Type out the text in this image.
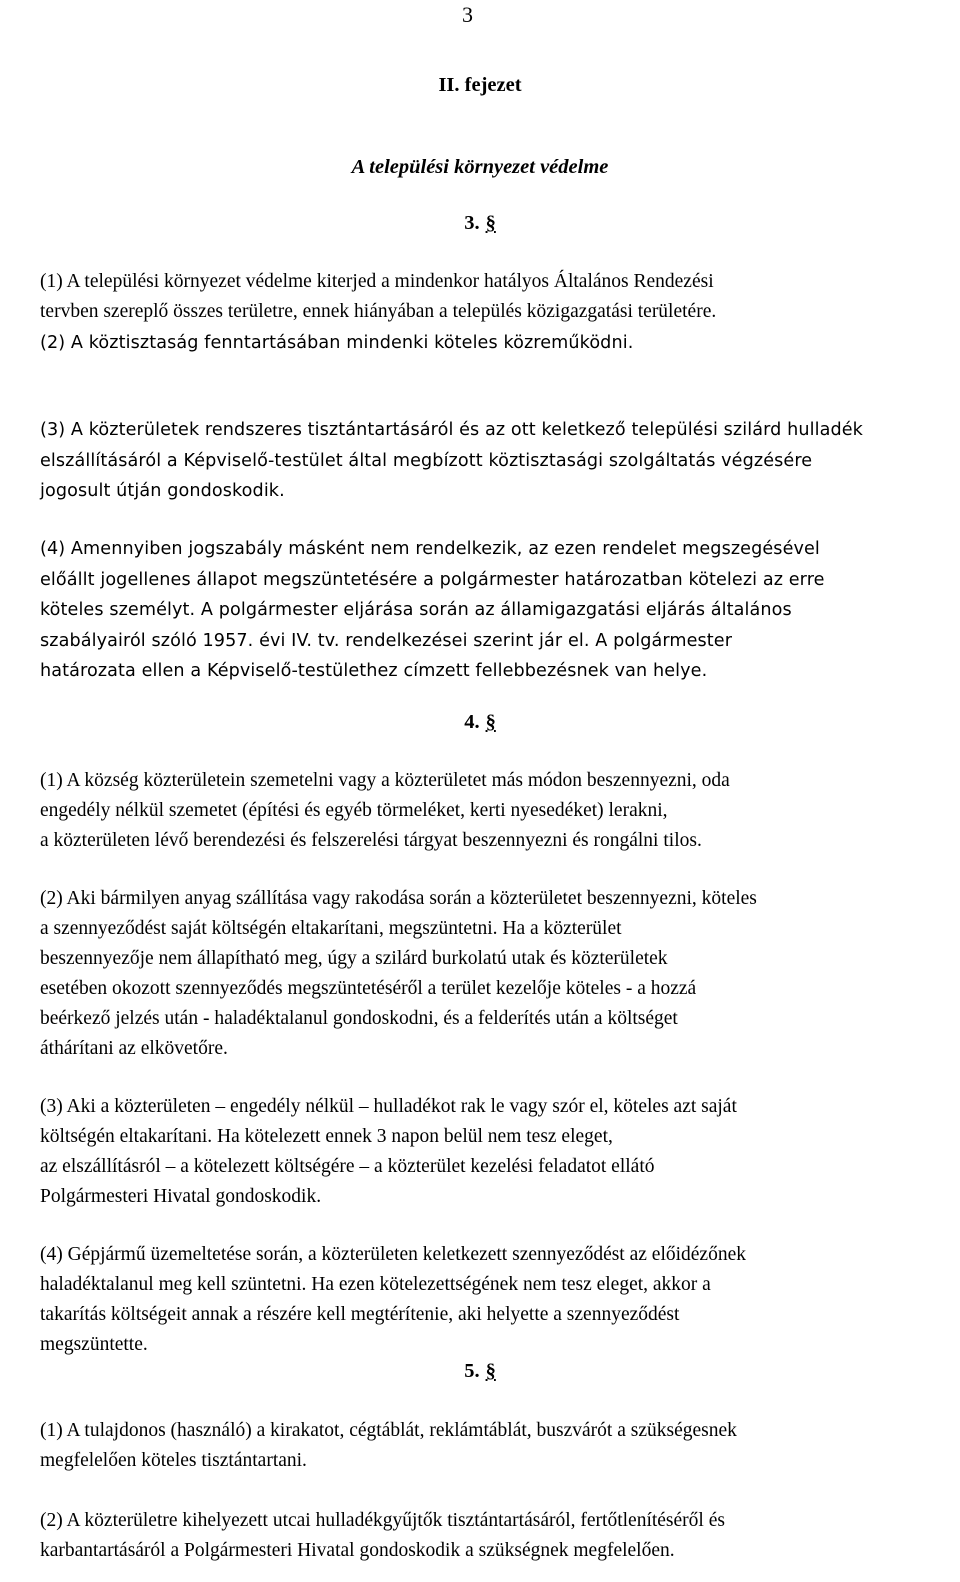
3
II. fejezet
A települési környezet védelme
3. §
(1) A települési környezet védelme kiterjed a mindenkor hatályos Általános Rendezési
tervben szereplő összes területre, ennek hiányában a település közigazgatási területére.
(2) A köztisztaság fenntartásában mindenki köteles közreműködni.
(3) A közterületek rendszeres tisztántartásáról és az ott keletkező települési szilárd hulladék
elszállításáról a Képviselő-testület által megbízott köztisztasági szolgáltatás végzésére
jogosult útján gondoskodik.
(4) Amennyiben jogszabály másként nem rendelkezik, az ezen rendelet megszegésével
előállt jogellenes állapot megszüntetésére a polgármester határozatban kötelezi az erre
köteles személyt. A polgármester eljárása során az államigazgatási eljárás általános
szabályairól szóló 1957. évi IV. tv. rendelkezései szerint jár el. A polgármester
határozata ellen a Képviselő-testülethez címzett fellebbezésnek van helye.
4. §
(1) A község közterületein szemetelni vagy a közterületet más módon beszennyezni, oda
engedély nélkül szemetet (építési és egyéb törmeléket, kerti nyesedéket) lerakni,
a közterületen lévő berendezési és felszerelési tárgyat beszennyezni és rongálni tilos.
(2) Aki bármilyen anyag szállítása vagy rakodása során a közterületet beszennyezni, köteles
a szennyeződést saját költségén eltakarítani, megszüntetni. Ha a közterület
beszennyezője nem állapítható meg, úgy a szilárd burkolatú utak és közterületek
esetében okozott szennyeződés megszüntetéséről a terület kezelője köteles - a hozzá
beérkező jelzés után - haladéktalanul gondoskodni, és a felderítés után a költséget
áthárítani az elkövetőre.
(3) Aki a közterületen – engedély nélkül – hulladékot rak le vagy szór el, köteles azt saját
költségén eltakarítani. Ha kötelezett ennek 3 napon belül nem tesz eleget,
az elszállításról – a kötelezett költségére – a közterület kezelési feladatot ellátó
Polgármesteri Hivatal gondoskodik.
(4) Gépjármű üzemeltetése során, a közterületen keletkezett szennyeződést az előidézőnek
haladéktalanul meg kell szüntetni. Ha ezen kötelezettségének nem tesz eleget, akkor a
takarítás költségeit annak a részére kell megtérítenie, aki helyette a szennyeződést
megszüntette.
5. §
(1) A tulajdonos (használó) a kirakatot, cégtáblát, reklámtáblát, buszvárót a szükségesnek
megfelelően köteles tisztántartani.
(2) A közterületre kihelyezett utcai hulladékgyűjtők tisztántartásáról, fertőtlenítéséről és
karbantartásáról a Polgármesteri Hivatal gondoskodik a szükségnek megfelelően.
